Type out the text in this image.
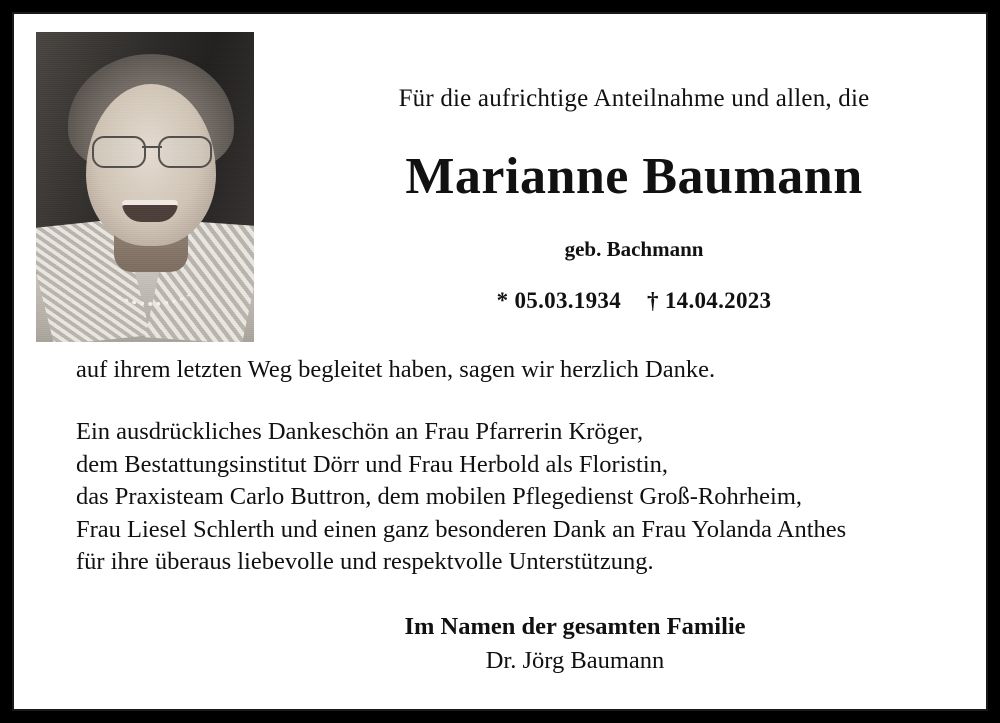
Für die aufrichtige Anteilnahme und allen, die
Marianne Baumann
geb. Bachmann
* 05.03.1934 † 14.04.2023

auf ihrem letzten Weg begleitet haben, sagen wir herzlich Danke.

Ein ausdrückliches Dankeschön an Frau Pfarrerin Kröger,

dem Bestattungsinstitut Dörr und Frau Herbold als Floristin,

das Praxisteam Carlo Buttron, dem mobilen Pflegedienst Groß-Rohrheim,

Frau Liesel Schlerth und einen ganz besonderen Dank an Frau Yolanda Anthes

für ihre überaus liebevolle und respektvolle Unterstützung.

Im Namen der gesamten Familie
Dr. Jörg Baumann
